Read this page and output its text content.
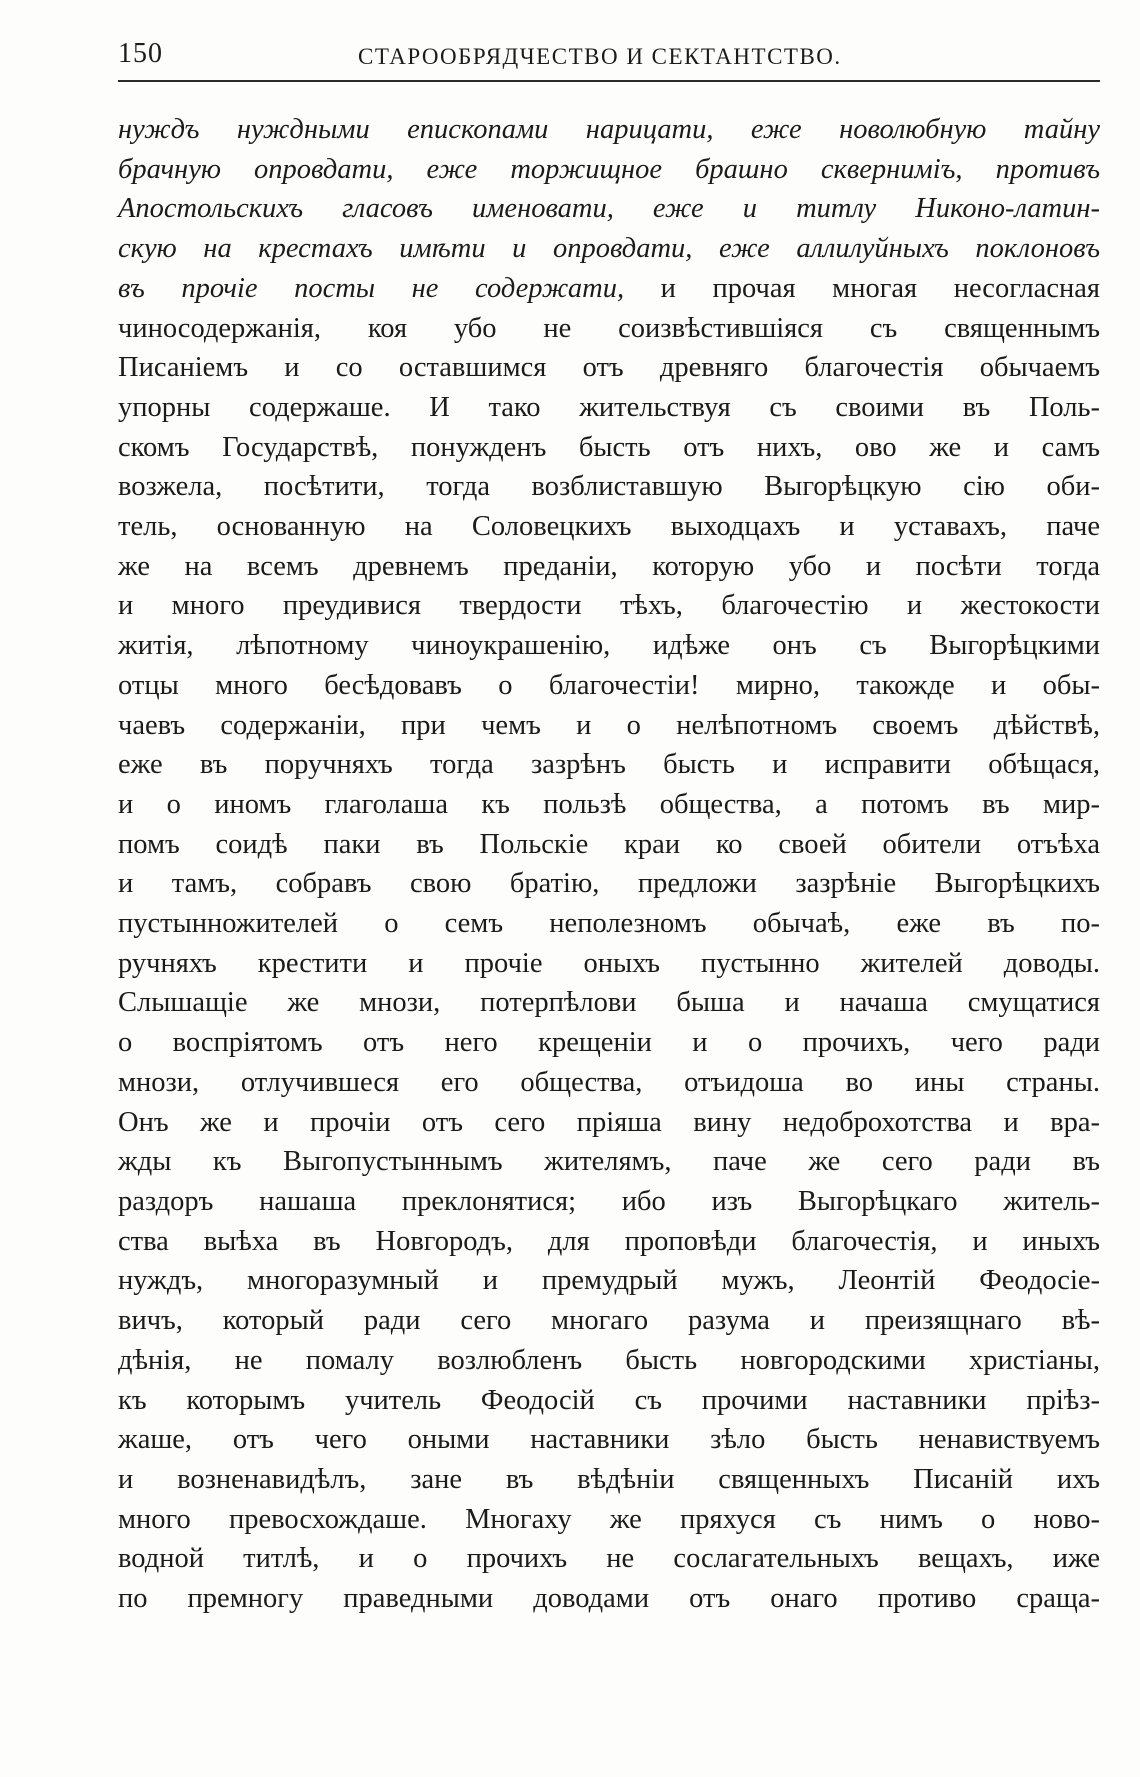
150	СТАРООБРЯДЧЕСТВО И СЕКТАНТСТВО.
нуждъ нуждными епископами нарицати, еже новолюбную тайну
брачную опровдати, еже торжищное брашно скверниміъ, противъ
Апостольскихъ гласовъ именовати, еже и титлу Никоно-латин-
скую на крестахъ имѣти и опровдати, еже аллилуйныхъ поклоновъ
въ прочіе посты не содержати, и прочая многая несогласная
чиносодержанія, коя убо не соизвѣстившіяся съ священнымъ
Писаніемъ и со оставшимся отъ древняго благочестія обычаемъ
упорны содержаше. И тако жительствуя съ своими въ Поль-
скомъ Государствѣ, понужденъ бысть отъ нихъ, ово же и самъ
возжела, посѣтити, тогда возблиставшую Выгорѣцкую сію оби-
тель, основанную на Соловецкихъ выходцахъ и уставахъ, паче
же на всемъ древнемъ преданіи, которую убо и посѣти тогда
и много преудивися твердости тѣхъ, благочестію и жестокости
житія, лѣпотному чиноукрашенію, идѣже онъ съ Выгорѣцкими
отцы много бесѣдовавъ о благочестіи! мирно, такожде и обы-
чаевъ содержаніи, при чемъ и о нелѣпотномъ своемъ дѣйствѣ,
еже въ поручняхъ тогда зазрѣнъ бысть и исправити обѣщася,
и о иномъ глаголаша къ пользѣ общества, а потомъ въ мир-
помъ соидѣ паки въ Польскіе краи ко своей обители отъѣха
и тамъ, собравъ свою братію, предложи зазрѣніе Выгорѣцкихъ
пустынножителей о семъ неполезномъ обычаѣ, еже въ по-
ручняхъ крестити и прочіе оныхъ пустынно жителей доводы.
Слышащіе же мнози, потерпѣлови быша и начаша смущатися
о воспріятомъ отъ него крещеніи и о прочихъ, чего ради
мнози, отлучившеся его общества, отъидоша во ины страны.
Онъ же и прочіи отъ сего пріяша вину недоброхотства и вра-
жды къ Выгопустыннымъ жителямъ, паче же сего ради въ
раздоръ нашаша преклонятися; ибо изъ Выгорѣцкаго житель-
ства выѣха въ Новгородъ, для проповѣди благочестія, и иныхъ
нуждъ, многоразумный и премудрый мужъ, Леонтій Феодосіе-
вичъ, который ради сего многаго разума и преизящнаго вѣ-
дѣнія, не помалу возлюбленъ бысть новгородскими христіаны,
къ которымъ учитель Феодосій съ прочими наставники пріѣз-
жаше, отъ чего оными наставники зѣло бысть ненавиствуемъ
и возненавидѣлъ, зане въ вѣдѣніи священныхъ Писаній ихъ
много превосхождаше. Многаху же пряхуся съ нимъ о ново-
водной титлѣ, и о прочихъ не сослагательныхъ вещахъ, иже
по премногу праведными доводами отъ онаго противо сраща-
